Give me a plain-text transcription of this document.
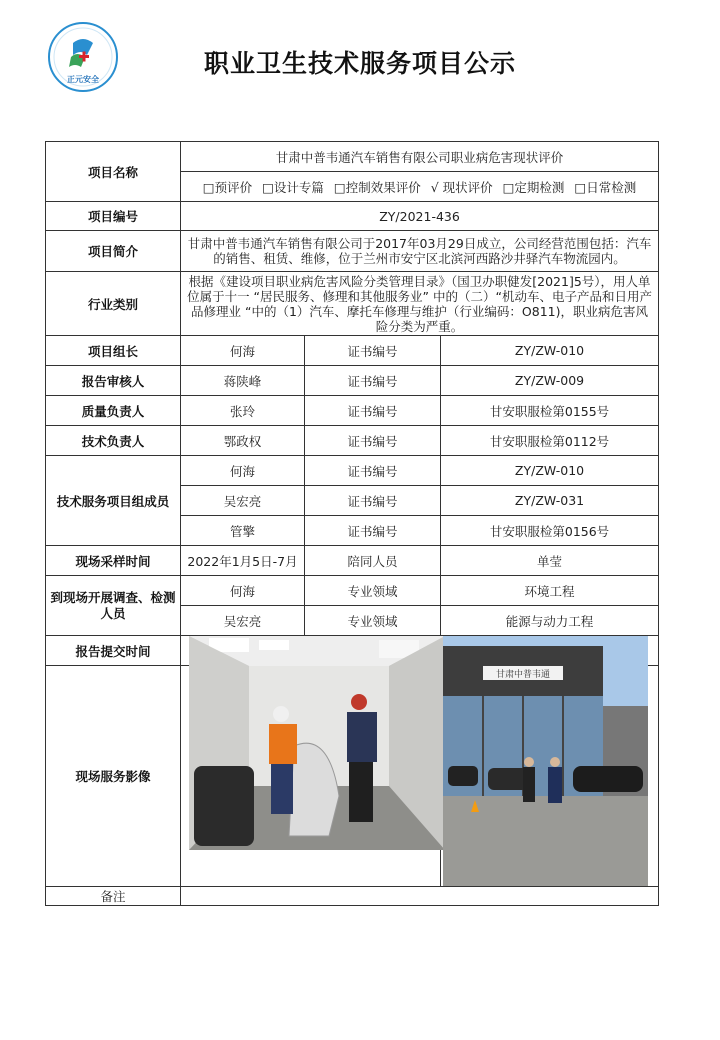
正元安全
职业卫生技术服务项目公示
项目名称	甘肃中普韦通汽车销售有限公司职业病危害现状评价		
	□预评价 □设计专篇 □控制效果评价 √ 现状评价 □定期检测 □日常检测		
项目编号	ZY/2021-436		
项目简介	甘肃中普韦通汽车销售有限公司于2017年03月29日成立，公司经营范围包括：汽车的销售、租赁、维修，位于兰州市安宁区北滨河西路沙井驿汽车物流园内。		
行业类别	根据《建设项目职业病危害风险分类管理目录》（国卫办职健发[2021]5号），用人单位属于十一 “居民服务、修理和其他服务业” 中的（二）“机动车、电子产品和日用产品修理业 “中的（1）汽车、摩托车修理与维护（行业编码：O811)，职业病危害风险分类为严重。		
项目组长	何海	证书编号	ZY/ZW-010
报告审核人	蒋陕峰	证书编号	ZY/ZW-009
质量负责人	张玲	证书编号	甘安职服检第0155号
技术负责人	鄂政权	证书编号	甘安职服检第0112号
技术服务项目组成员	何海	证书编号	ZY/ZW-010
	吴宏亮	证书编号	ZY/ZW-031
	管擎	证书编号	甘安职服检第0156号
现场采样时间	2022年1月5日-7月	陪同人员	单莹
到现场开展调查、检测人员	何海	专业领域	环境工程
	吴宏亮	专业领域	能源与动力工程
报告提交时间			
现场服务影像			
备注			
甘肃中普韦通
